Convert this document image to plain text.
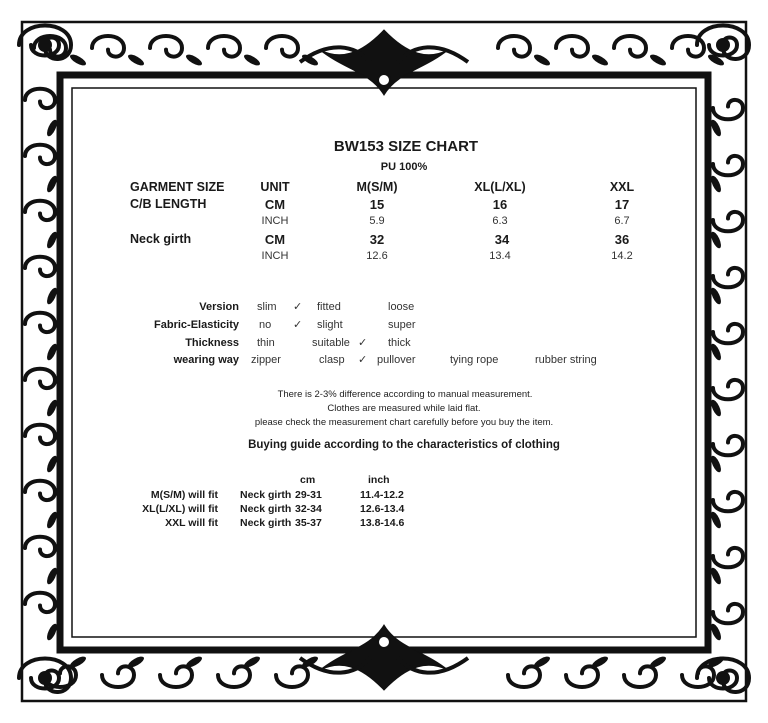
BW153 SIZE CHART
PU 100%
GARMENT SIZE	UNIT	M(S/M)	XL(L/XL)	XXL
C/B LENGTH	CM	15	16	17
INCH	5.9	6.3	6.7
Neck girth	CM	32	34	36
INCH	12.6	13.4	14.2
Version slim ✓ fitted	loose
Fabric-Elasticity no ✓ slight	super
Thickness thin	suitable ✓ thick
wearing way zipper	clasp ✓ pullover	tying rope	rubber string
There is 2-3% difference according to manual measurement.
Clothes are measured while laid flat.
please check the measurement chart carefully before you buy the item.
Buying guide according to the characteristics of clothing
cm	inch
M(S/M) will fit Neck girth 29-31	11.4-12.2
XL(L/XL) will fit Neck girth 32-34	12.6-13.4
XXL will fit Neck girth 35-37	13.8-14.6
